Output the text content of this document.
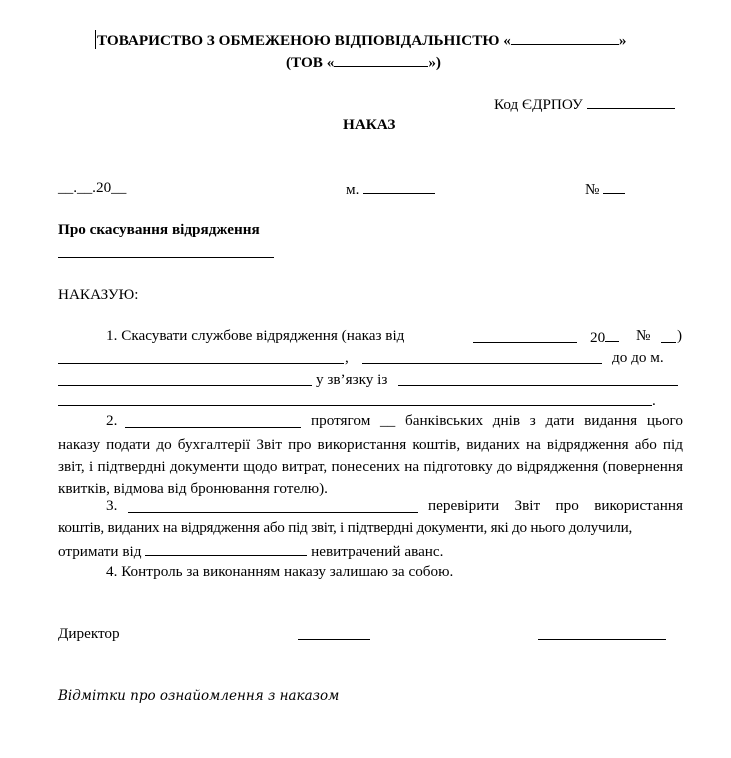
ТОВАРИСТВО З ОБМЕЖЕНОЮ ВІДПОВІДАЛЬНІСТЮ «	»
(ТОВ «	»)
Код ЄДРПОУ
НАКАЗ
__.__.20__	м.	№
Про скасування відрядження
НАКАЗУЮ:
1. Скасувати службове відрядження (наказ від	20	№ )
,	до до м.
у зв’язку із
.
2.	протягом __ банківських днів з дати видання цього
наказу подати до бухгалтерії Звіт про використання коштів, виданих на відрядження або під звіт, і підтвердні документи щодо витрат, понесених на підготовку до відрядження (повернення квитків, відмова від бронювання готелю).
3.	перевірити Звіт про використання
коштів, виданих на відрядження або під звіт, і підтвердні документи, які до нього долучили,
отримати від	невитрачений аванс.
4. Контроль за виконанням наказу залишаю за собою.
Директор
Відмітки про ознайомлення з наказом
